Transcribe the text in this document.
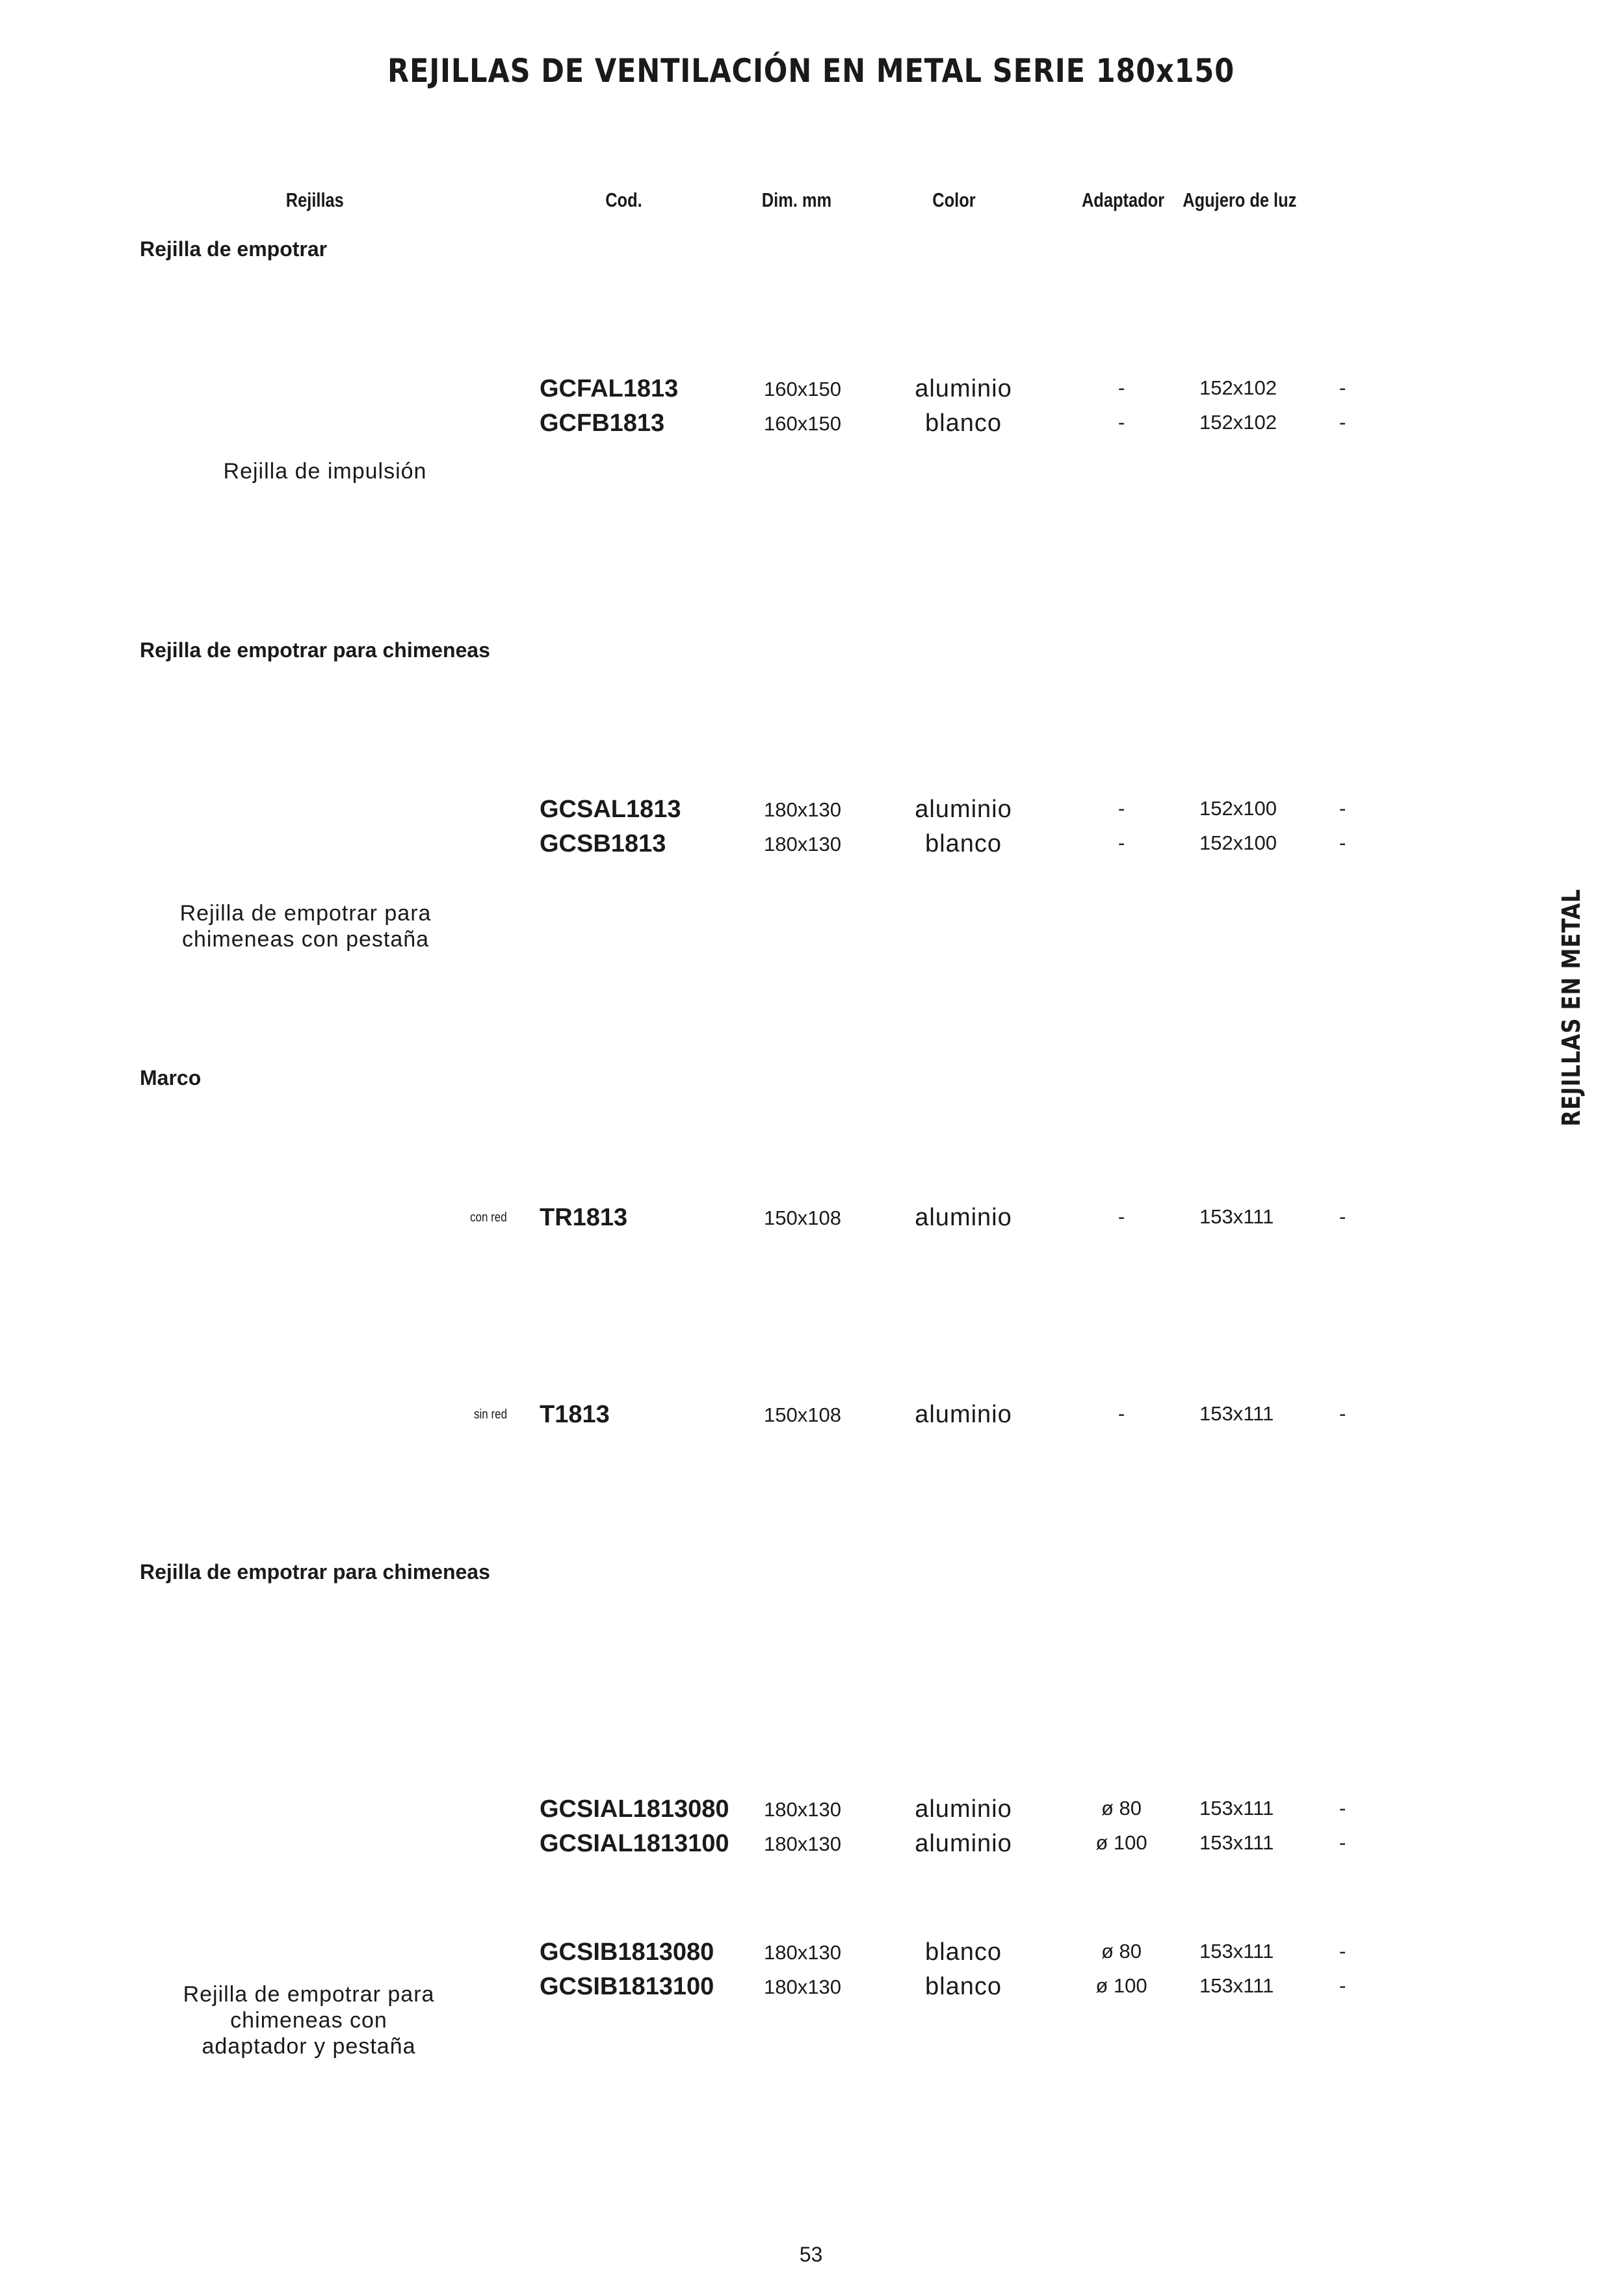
REJILLAS DE VENTILACIÓN EN METAL SERIE 180x150
Rejillas	Cod.	Dim. mm	Color	Adaptador Agujero de luz
Rejilla de empotrar
Rejilla de impulsión
GCFAL1813	160x150	aluminio	-	152x102	-
GCFB1813	160x150	blanco	-	152x102	-
Rejilla de empotrar para chimeneas
Rejilla de empotrar para chimeneas con pestaña
GCSAL1813	180x130	aluminio	-	152x100	-
GCSB1813	180x130	blanco	-	152x100	-
Marco
con red TR1813	150x108	aluminio	-	153x111	-
sin red T1813	150x108	aluminio	-	153x111	-
Rejilla de empotrar para chimeneas
Rejilla de empotrar para chimeneas con adaptador y pestaña
GCSIAL1813080 180x130	aluminio	ø 80	153x111	-
GCSIAL1813100 180x130	aluminio	ø 100	153x111	-
GCSIB1813080 180x130	blanco	ø 80	153x111	-
GCSIB1813100 180x130	blanco	ø 100	153x111	-
REJILLAS EN METAL
53
